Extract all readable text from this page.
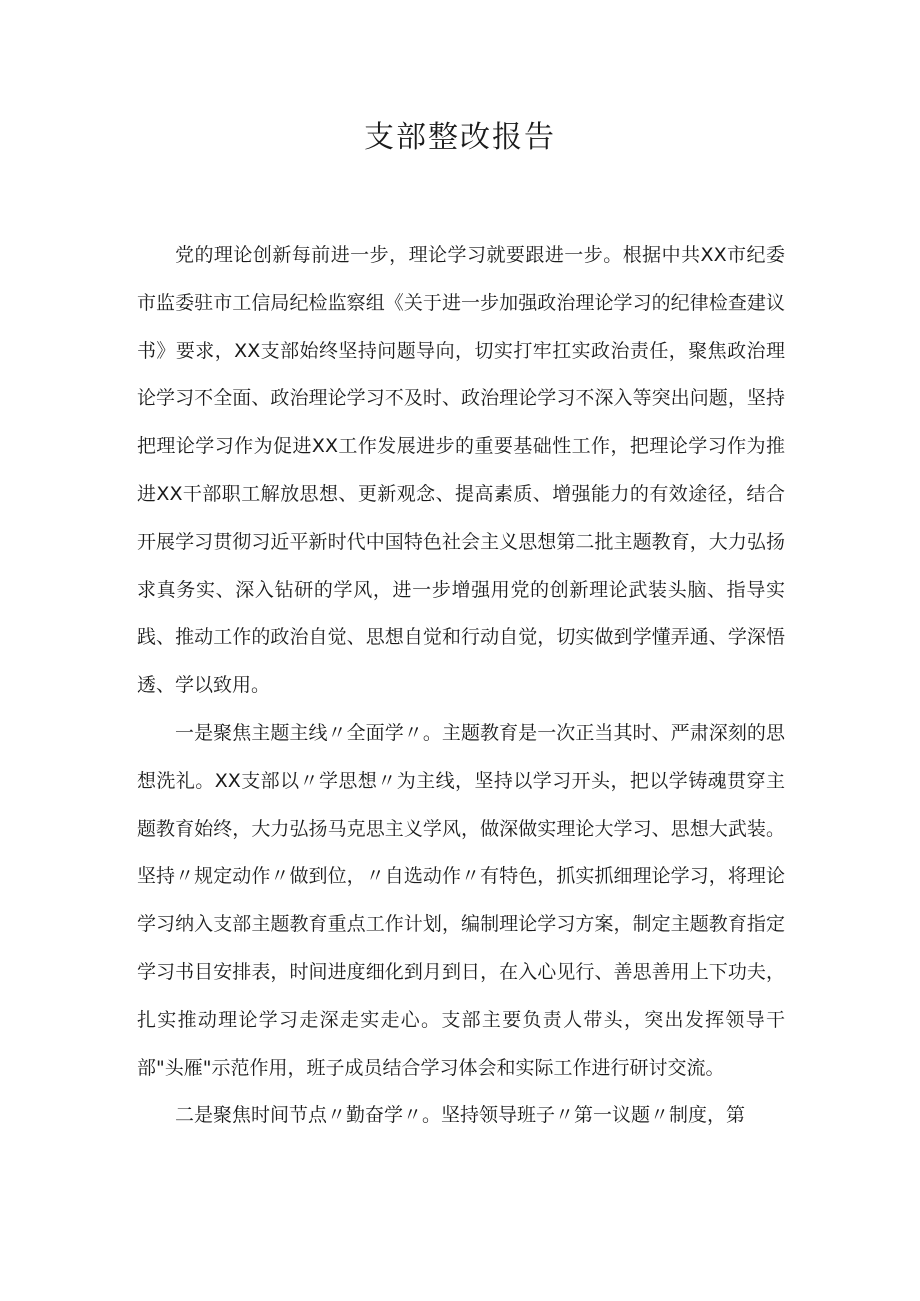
支部整改报告

党的理论创新每前进一步，理论学习就要跟进一步。根据中共XX市纪委市监委驻市工信局纪检监察组《关于进一步加强政治理论学习的纪律检查建议书》要求，XX支部始终坚持问题导向，切实打牢扛实政治责任，聚焦政治理论学习不全面、政治理论学习不及时、政治理论学习不深入等突出问题，坚持把理论学习作为促进XX工作发展进步的重要基础性工作，把理论学习作为推进XX干部职工解放思想、更新观念、提高素质、增强能力的有效途径，结合开展学习贯彻习近平新时代中国特色社会主义思想第二批主题教育，大力弘扬求真务实、深入钻研的学风，进一步增强用党的创新理论武装头脑、指导实践、推动工作的政治自觉、思想自觉和行动自觉，切实做到学懂弄通、学深悟透、学以致用。

一是聚焦主题主线〃全面学〃。主题教育是一次正当其时、严肃深刻的思想洗礼。XX支部以〃学思想〃为主线，坚持以学习开头，把以学铸魂贯穿主题教育始终，大力弘扬马克思主义学风，做深做实理论大学习、思想大武装。坚持〃规定动作〃做到位，〃自选动作〃有特色，抓实抓细理论学习，将理论学习纳入支部主题教育重点工作计划，编制理论学习方案，制定主题教育指定学习书目安排表，时间进度细化到月到日，在入心见行、善思善用上下功夫，扎实推动理论学习走深走实走心。支部主要负责人带头，突出发挥领导干部"头雁"示范作用，班子成员结合学习体会和实际工作进行研讨交流。

二是聚焦时间节点〃勤奋学〃。坚持领导班子〃第一议题〃制度，第
